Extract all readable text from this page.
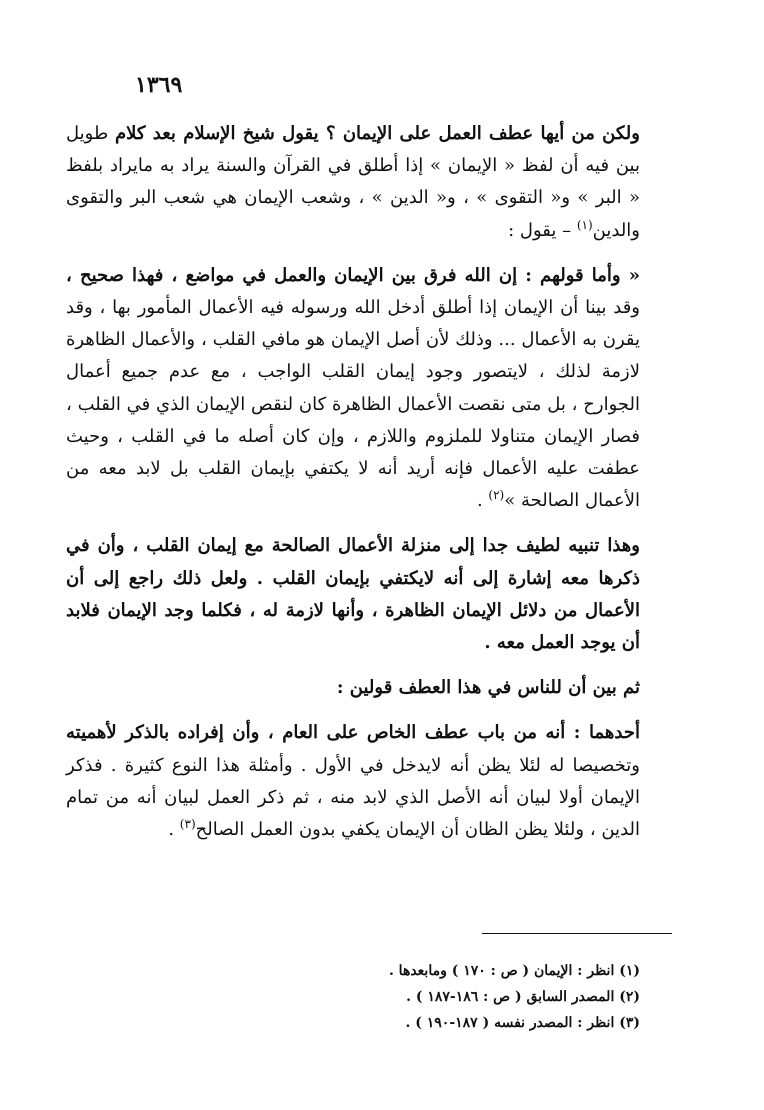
١٣٦٩

ولكن من أيها عطف العمل على الإيمان ؟ يقول شيخ الإسلام بعد كلام طويل بين فيه أن لفظ « الإيمان » إذا أطلق في القرآن والسنة يراد به مايراد بلفظ « البر » و« التقوى » ، و« الدين » ، وشعب الإيمان هي شعب البر والتقوى والدين$^{(١)}$ – يقول :

« وأما قولهم : إن الله فرق بين الإيمان والعمل في مواضع ، فهذا صحيح ، وقد بينا أن الإيمان إذا أطلق أدخل الله ورسوله فيه الأعمال المأمور بها ، وقد يقرن به الأعمال ... وذلك لأن أصل الإيمان هو مافي القلب ، والأعمال الظاهرة لازمة لذلك ، لايتصور وجود إيمان القلب الواجب ، مع عدم جميع أعمال الجوارح ، بل متى نقصت الأعمال الظاهرة كان لنقص الإيمان الذي في القلب ، فصار الإيمان متناولا للملزوم واللازم ، وإن كان أصله ما في القلب ، وحيث عطفت عليه الأعمال فإنه أريد أنه لا يكتفي بإيمان القلب بل لابد معه من الأعمال الصالحة »$^{(٢)}$ .

وهذا تنبيه لطيف جدا إلى منزلة الأعمال الصالحة مع إيمان القلب ، وأن في ذكرها معه إشارة إلى أنه لايكتفي بإيمان القلب . ولعل ذلك راجع إلى أن الأعمال من دلائل الإيمان الظاهرة ، وأنها لازمة له ، فكلما وجد الإيمان فلابد أن يوجد العمل معه .

ثم بين أن للناس في هذا العطف قولين :

أحدهما : أنه من باب عطف الخاص على العام ، وأن إفراده بالذكر لأهميته وتخصيصا له لئلا يظن أنه لايدخل في الأول . وأمثلة هذا النوع كثيرة . فذكر الإيمان أولا لبيان أنه الأصل الذي لابد منه ، ثم ذكر العمل لبيان أنه من تمام الدين ، ولئلا يظن الظان أن الإيمان يكفي بدون العمل الصالح$^{(٣)}$ .

(١) انظر : الإيمان ( ص : ١٧٠ ) ومابعدها .

(٢) المصدر السابق ( ص : ١٨٦-١٨٧ ) .

(٣) انظر : المصدر نفسه ( ١٨٧-١٩٠ ) .
